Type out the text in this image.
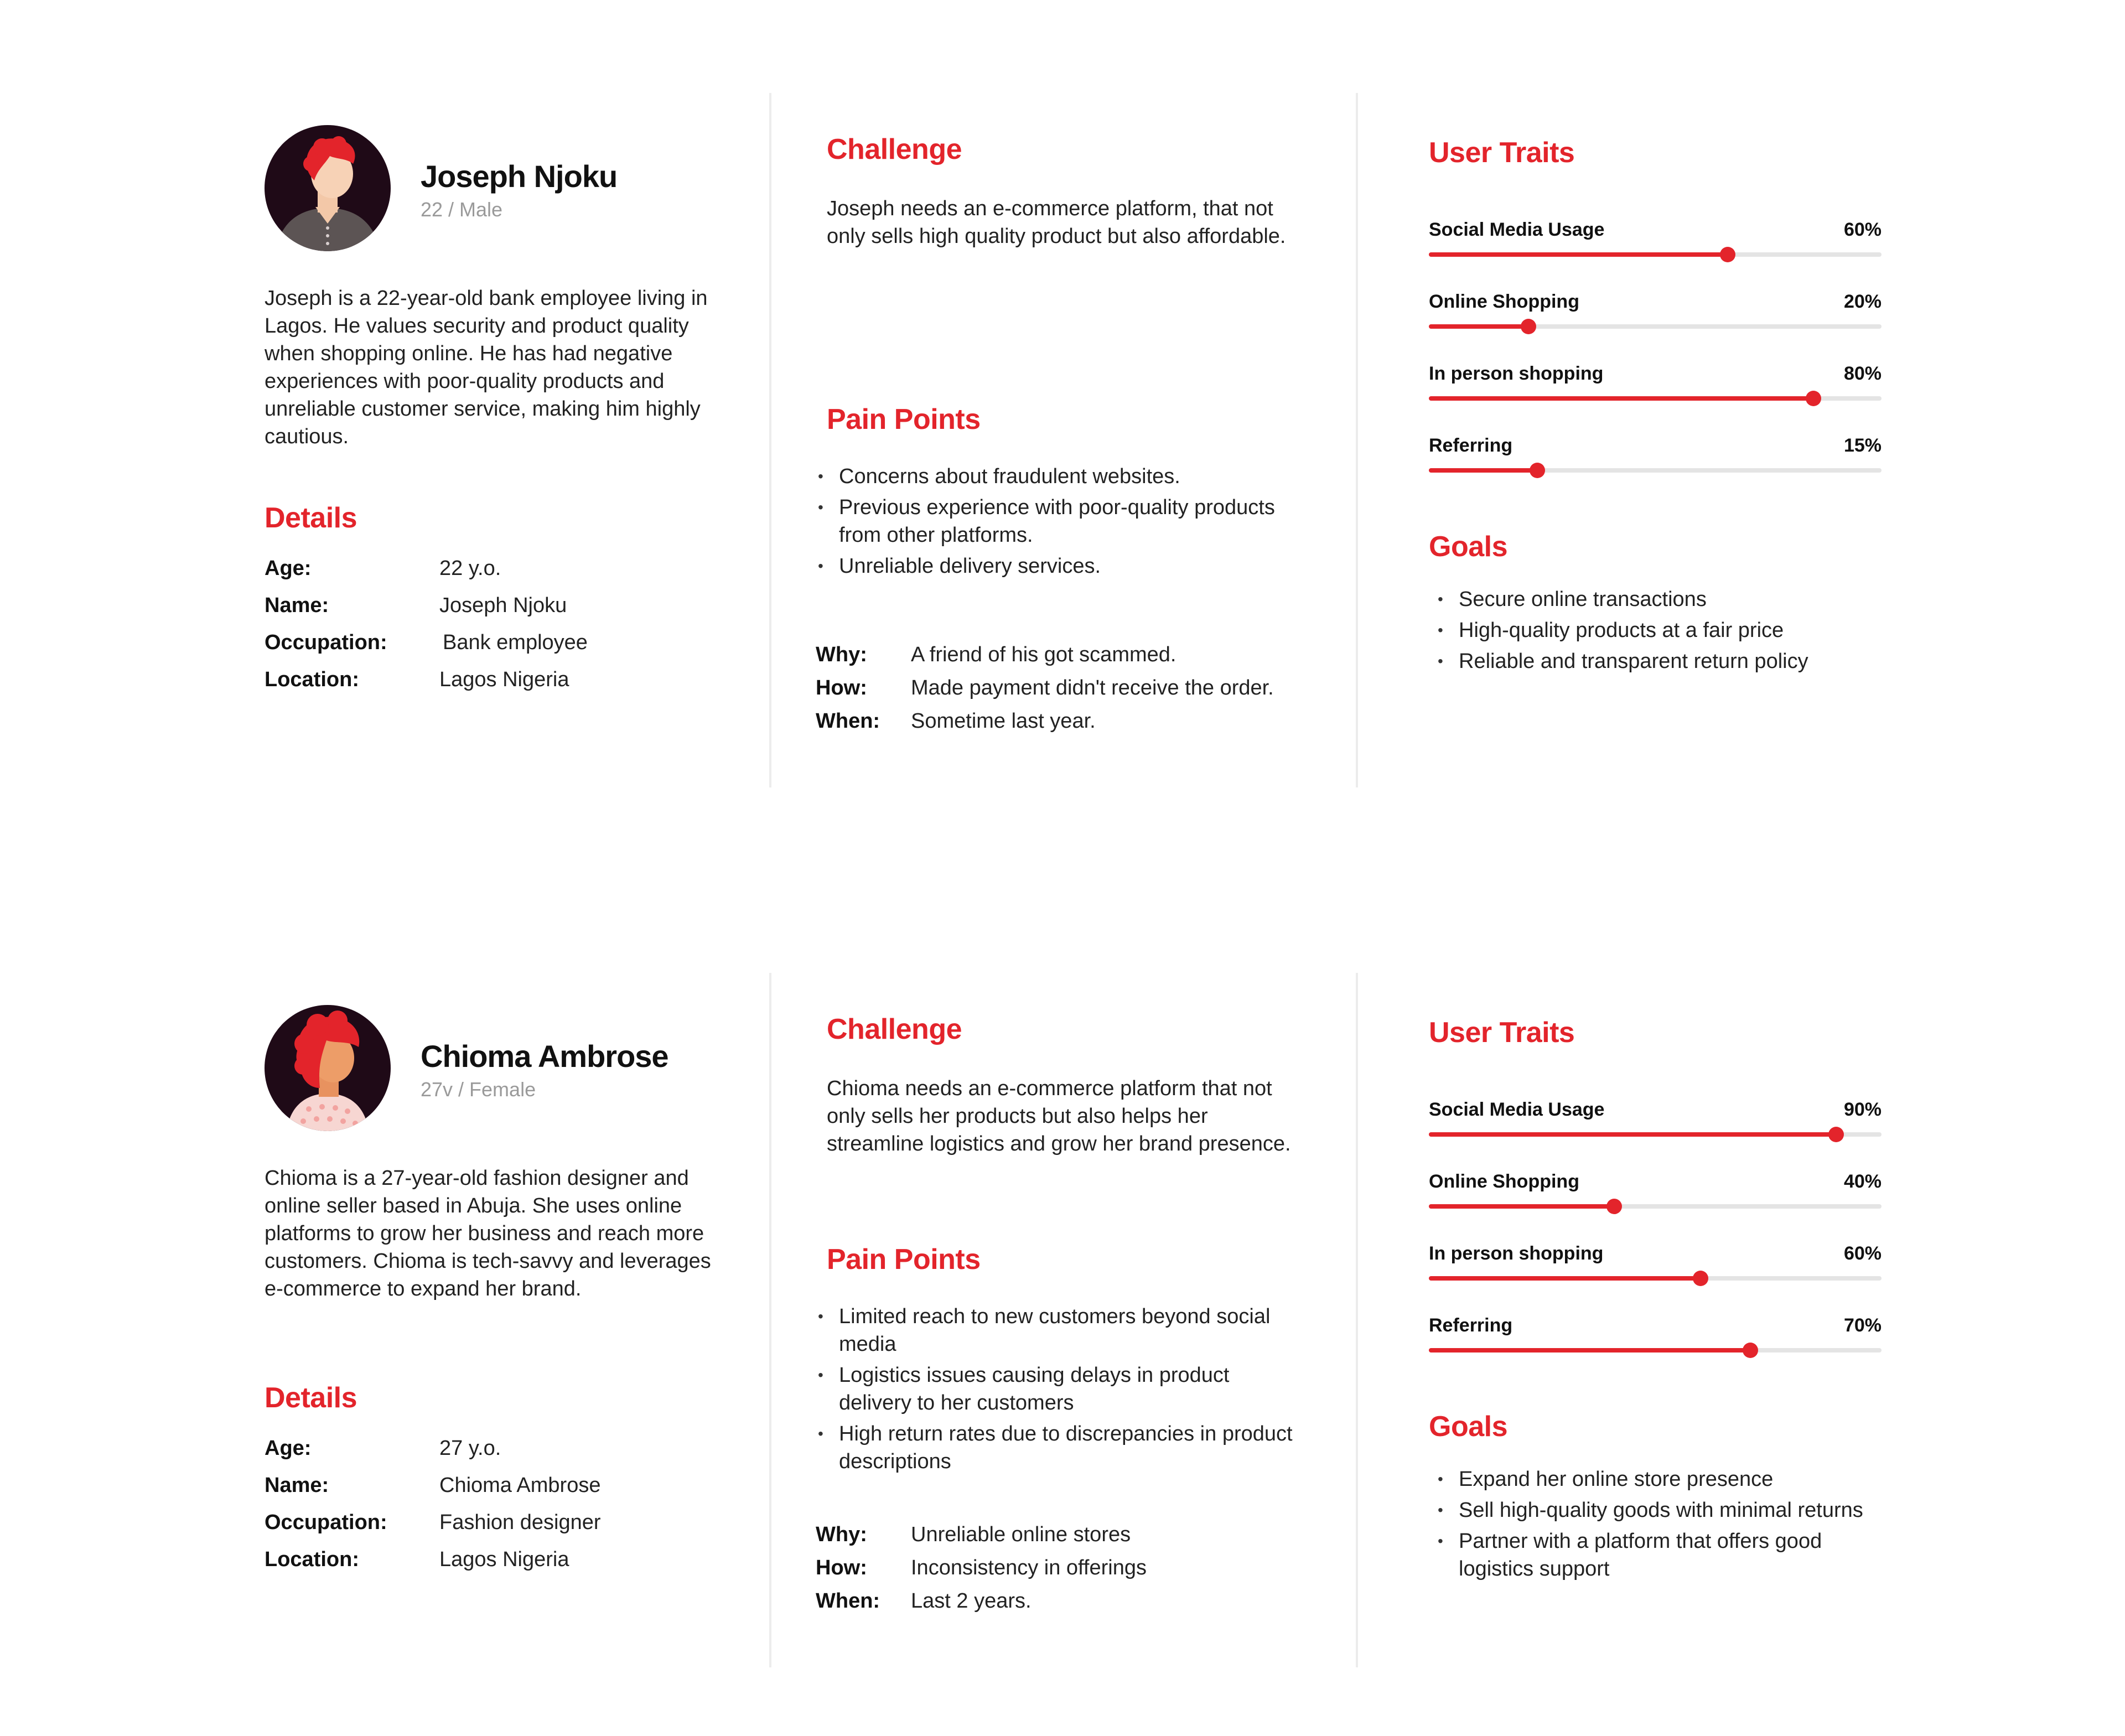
Joseph Njoku
22 / Male
Joseph is a 22-year-old bank employee living in Lagos. He values security and product quality when shopping online. He has had negative experiences with poor-quality products and unreliable customer service, making him highly cautious.
Details
Age:	22 y.o.
Name:	Joseph Njoku
Occupation:	Bank employee
Location:	Lagos Nigeria
Challenge
Joseph needs an e-commerce platform, that not only sells high quality product but also affordable.
Pain Points
• Concerns about fraudulent websites.
• Previous experience with poor-quality products from other platforms.
• Unreliable delivery services.
Why: A friend of his got scammed.
How: Made payment didn't receive the order.
When: Sometime last year.
User Traits
Social Media Usage	60%
Online Shopping	20%
In person shopping	80%
Referring	15%
Goals
• Secure online transactions
• High-quality products at a fair price
• Reliable and transparent return policy
Chioma Ambrose
27v / Female
Chioma is a 27-year-old fashion designer and online seller based in Abuja. She uses online platforms to grow her business and reach more customers. Chioma is tech-savvy and leverages e-commerce to expand her brand.
Details
Age:	27 y.o.
Name:	Chioma Ambrose
Occupation: Fashion designer
Location:	Lagos Nigeria
Challenge
Chioma needs an e-commerce platform that not only sells her products but also helps her streamline logistics and grow her brand presence.
Pain Points
• Limited reach to new customers beyond social media
• Logistics issues causing delays in product delivery to her customers
• High return rates due to discrepancies in product descriptions
Why: Unreliable online stores
How: Inconsistency in offerings
When: Last 2 years.
User Traits
Social Media Usage	90%
Online Shopping	40%
In person shopping	60%
Referring	70%
Goals
• Expand her online store presence
• Sell high-quality goods with minimal returns
• Partner with a platform that offers good logistics support
